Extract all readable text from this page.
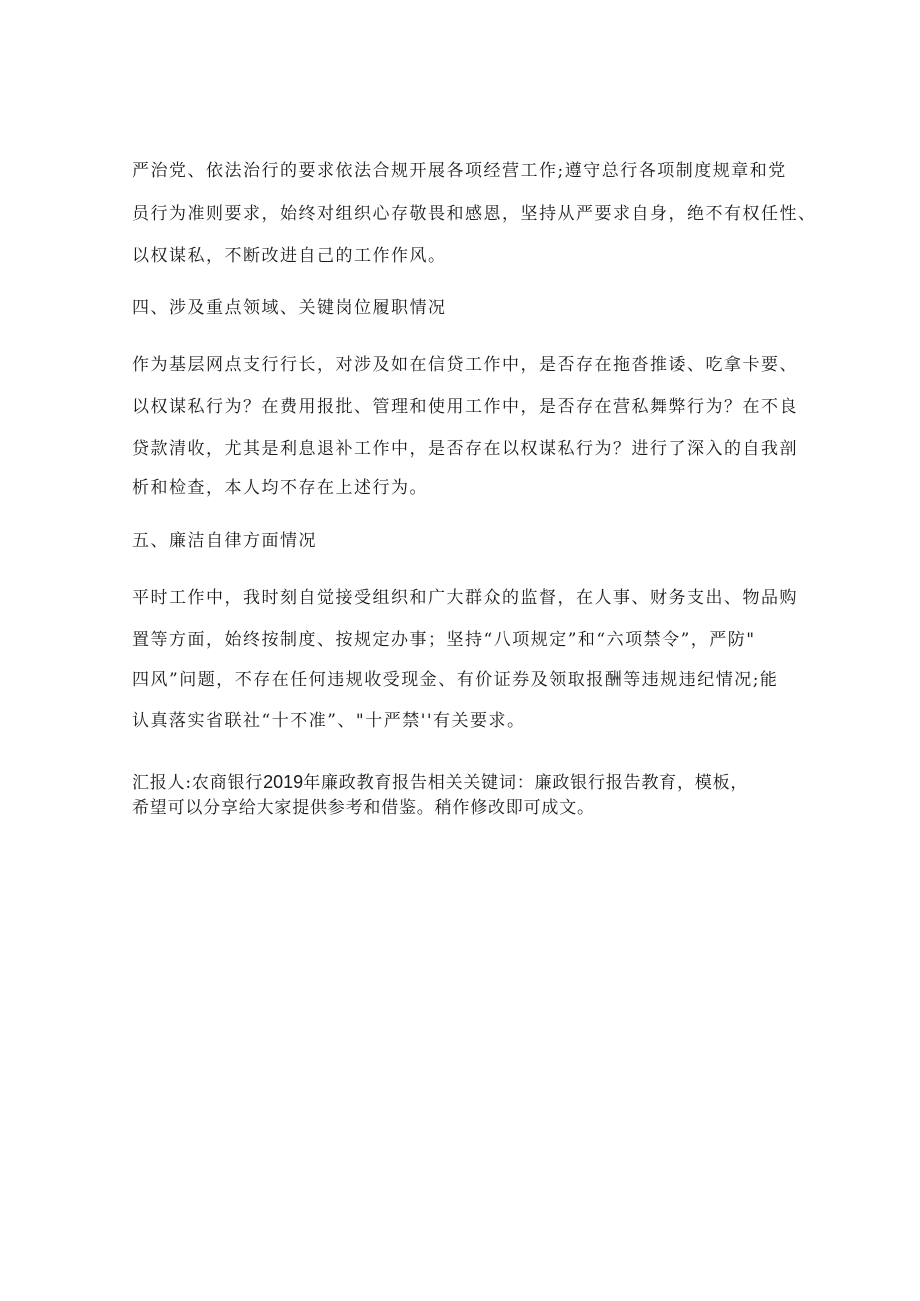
严治党、依法治行的要求依法合规开展各项经营工作;遵守总行各项制度规章和党
员行为准则要求，始终对组织心存敬畏和感恩，坚持从严要求自身，绝不有权任性、
以权谋私，不断改进自己的工作作风。
四、涉及重点领域、关键岗位履职情况
作为基层网点支行行长，对涉及如在信贷工作中，是否存在拖沓推诿、吃拿卡要、
以权谋私行为？在费用报批、管理和使用工作中，是否存在营私舞弊行为？在不良
贷款清收，尤其是利息退补工作中，是否存在以权谋私行为？进行了深入的自我剖
析和检查，本人均不存在上述行为。
五、廉洁自律方面情况
平时工作中，我时刻自觉接受组织和广大群众的监督，在人事、财务支出、物品购
置等方面，始终按制度、按规定办事；坚持“八项规定”和“六项禁令”，严防"
四风”问题，不存在任何违规收受现金、有价证券及领取报酬等违规违纪情况;能
认真落实省联社“十不准”、"十严禁''有关要求。
汇报人:农商银行2019年廉政教育报告相关关键词：廉政银行报告教育，模板，
希望可以分享给大家提供参考和借鉴。稍作修改即可成文。
